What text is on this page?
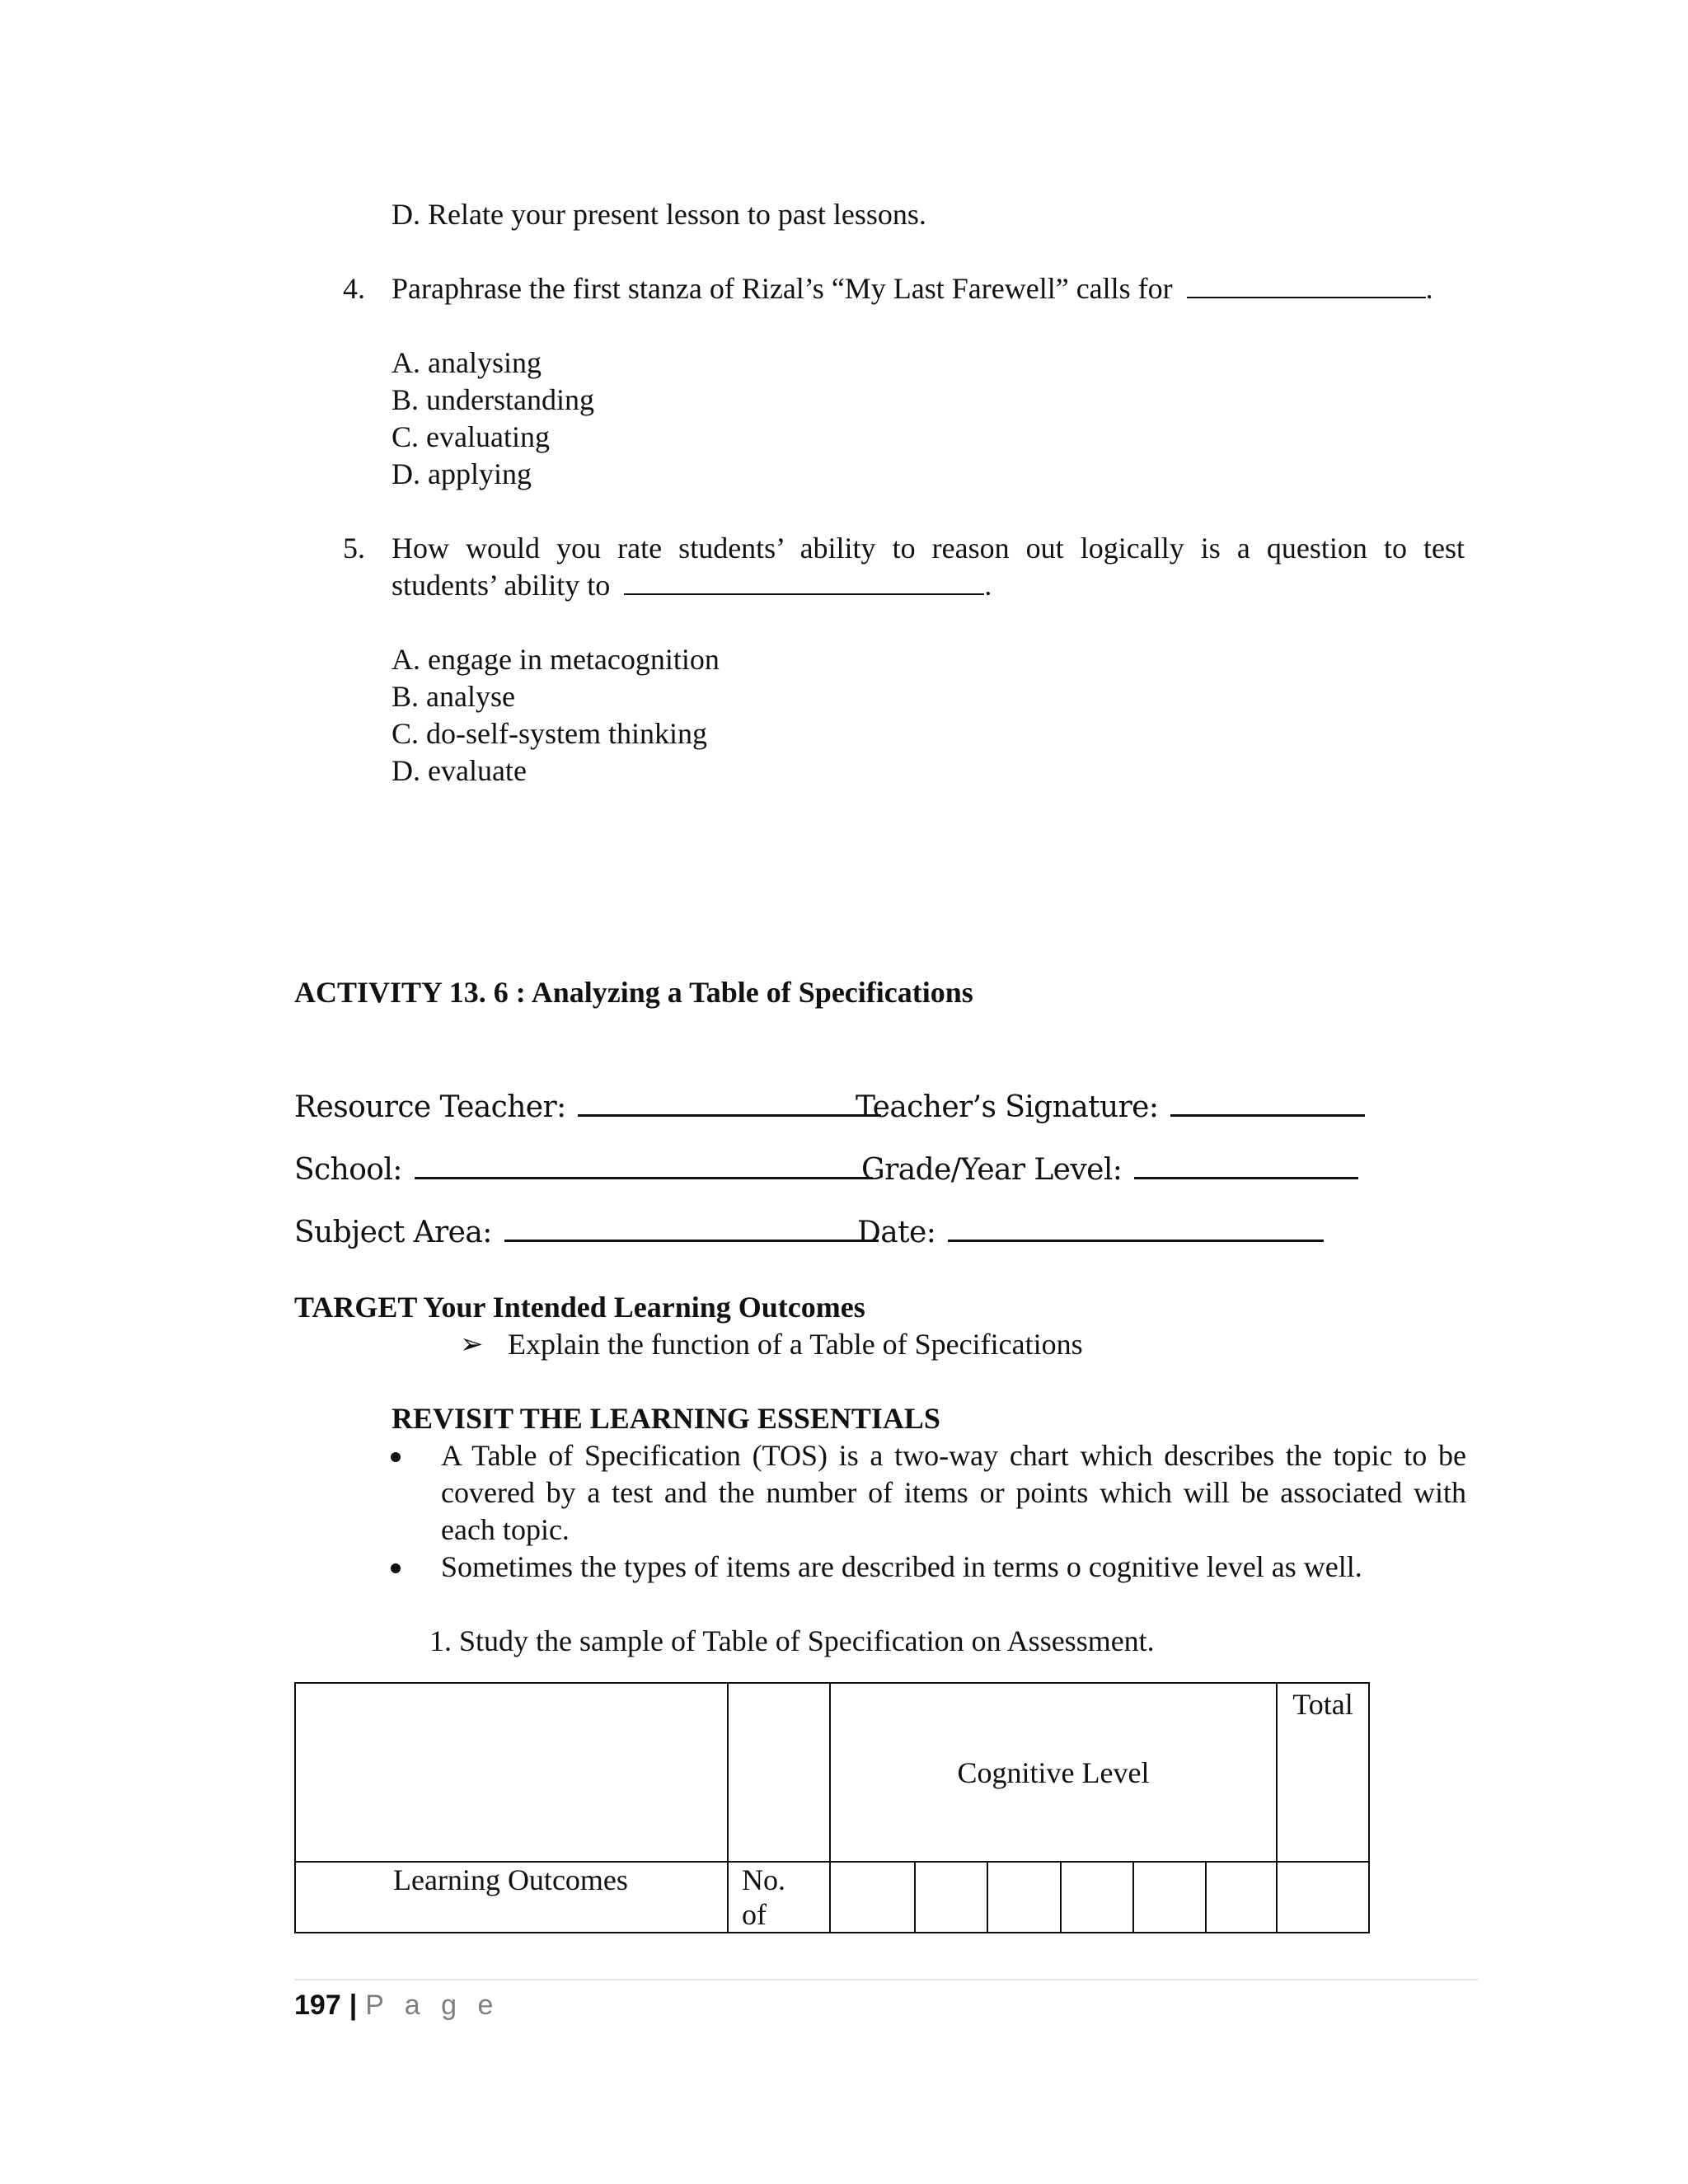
D. Relate your present lesson to past lessons.
4. Paraphrase the first stanza of Rizal’s “My Last Farewell” calls for	.
A. analysing
B. understanding
C. evaluating
D. applying
5. How would you rate students’ ability to reason out logically is a question to test
students’ ability to	.
A. engage in metacognition
B. analyse
C. do-self-system thinking
D. evaluate
ACTIVITY 13. 6 : Analyzing a Table of Specifications
Resource Teacher:	Teacher’s Signature:
School:	Grade/Year Level:
Subject Area:	Date:
TARGET Your Intended Learning Outcomes
➢ Explain the function of a Table of Specifications
REVISIT THE LEARNING ESSENTIALS
A Table of Specification (TOS) is a two-way chart which describes the topic to be
covered by a test and the number of items or points which will be associated with
each topic.
Sometimes the types of items are described in terms o cognitive level as well.
1. Study the sample of Table of Specification on Assessment.
		Cognitive Level						Total
Learning Outcomes	No.
of							

197 | P a g e
